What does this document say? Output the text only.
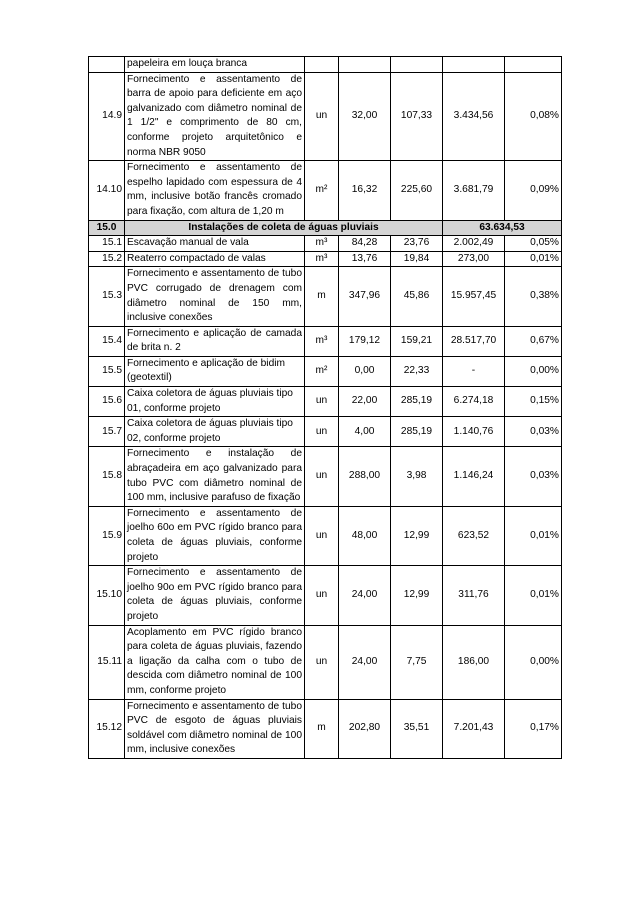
	papeleira em louça branca					
14.9	Fornecimento e assentamento de barra de apoio para deficiente em aço galvanizado com diâmetro nominal de 1 1/2" e comprimento de 80 cm, conforme projeto arquitetônico e norma NBR 9050	un	32,00	107,33	3.434,56	0,08%
14.10	Fornecimento e assentamento de espelho lapidado com espessura de 4 mm, inclusive botão francês cromado para fixação, com altura de 1,20 m	m²	16,32	225,60	3.681,79	0,09%
15.0	Instalações de coleta de águas pluviais				63.634,53	
15.1	Escavação manual de vala	m³	84,28	23,76	2.002,49	0,05%
15.2	Reaterro compactado de valas	m³	13,76	19,84	273,00	0,01%
15.3	Fornecimento e assentamento de tubo PVC corrugado de drenagem com diâmetro nominal de 150 mm, inclusive conexões	m	347,96	45,86	15.957,45	0,38%
15.4	Fornecimento e aplicação de camada de brita n. 2	m³	179,12	159,21	28.517,70	0,67%
15.5	Fornecimento e aplicação de bidim (geotextil)	m²	0,00	22,33	-	0,00%
15.6	Caixa coletora de águas pluviais tipo 01, conforme projeto	un	22,00	285,19	6.274,18	0,15%
15.7	Caixa coletora de águas pluviais tipo 02, conforme projeto	un	4,00	285,19	1.140,76	0,03%
15.8	Fornecimento e instalação de abraçadeira em aço galvanizado para tubo PVC com diâmetro nominal de 100 mm, inclusive parafuso de fixação	un	288,00	3,98	1.146,24	0,03%
15.9	Fornecimento e assentamento de joelho 60o em PVC rígido branco para coleta de águas pluviais, conforme projeto	un	48,00	12,99	623,52	0,01%
15.10	Fornecimento e assentamento de joelho 90o em PVC rígido branco para coleta de águas pluviais, conforme projeto	un	24,00	12,99	311,76	0,01%
15.11	Acoplamento em PVC rígido branco para coleta de águas pluviais, fazendo a ligação da calha com o tubo de descida com diâmetro nominal de 100 mm, conforme projeto	un	24,00	7,75	186,00	0,00%
15.12	Fornecimento e assentamento de tubo PVC de esgoto de águas pluviais soldável com diâmetro nominal de 100 mm, inclusive conexões	m	202,80	35,51	7.201,43	0,17%
